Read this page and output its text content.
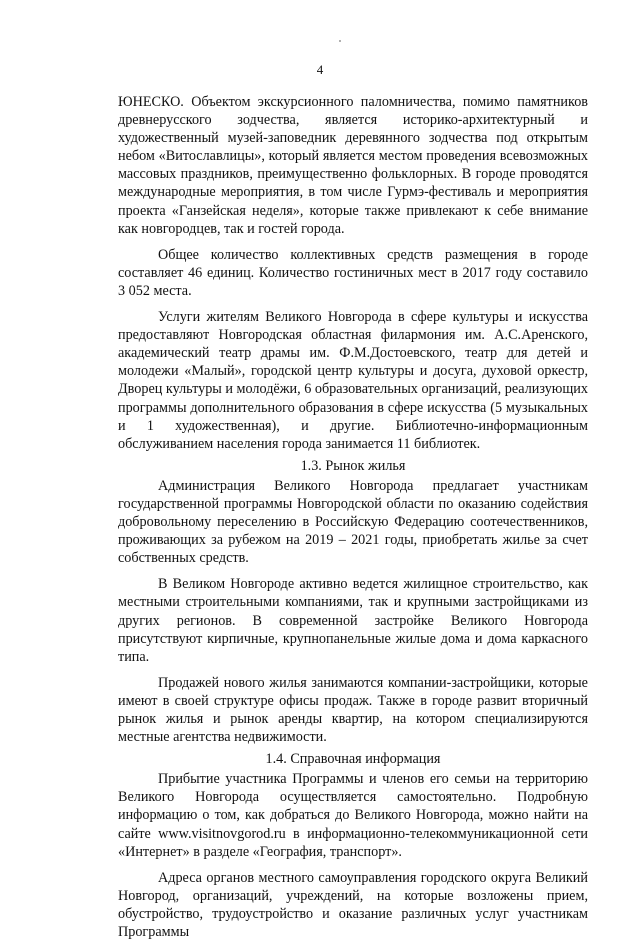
4

ЮНЕСКО. Объектом экскурсионного паломничества, помимо памятников древнерусского зодчества, является историко-архитектурный и художественный музей-заповедник деревянного зодчества под открытым небом «Витославлицы», который является местом проведения всевозможных массовых праздников, преимущественно фольклорных. В городе проводятся международные мероприятия, в том числе Гурмэ-фестиваль и мероприятия проекта «Ганзейская неделя», которые также привлекают к себе внимание как новгородцев, так и гостей города.

Общее количество коллективных средств размещения в городе составляет 46 единиц. Количество гостиничных мест в 2017 году составило 3 052 места.

Услуги жителям Великого Новгорода в сфере культуры и искусства предоставляют Новгородская областная филармония им. А.С.Аренского, академический театр драмы им. Ф.М.Достоевского, театр для детей и молодежи «Малый», городской центр культуры и досуга, духовой оркестр, Дворец культуры и молодёжи, 6 образовательных организаций, реализующих программы дополнительного образования в сфере искусства (5 музыкальных и 1 художественная), и другие. Библиотечно-информационным обслуживанием населения города занимается 11 библиотек.

1.3. Рынок жилья

Администрация Великого Новгорода предлагает участникам государственной программы Новгородской области по оказанию содействия добровольному переселению в Российскую Федерацию соотечественников, проживающих за рубежом на 2019 – 2021 годы, приобретать жилье за счет собственных средств.

В Великом Новгороде активно ведется жилищное строительство, как местными строительными компаниями, так и крупными застройщиками из других регионов. В современной застройке Великого Новгорода присутствуют кирпичные, крупнопанельные жилые дома и дома каркасного типа.

Продажей нового жилья занимаются компании-застройщики, которые имеют в своей структуре офисы продаж. Также в городе развит вторичный рынок жилья и рынок аренды квартир, на котором специализируются местные агентства недвижимости.

1.4. Справочная информация

Прибытие участника Программы и членов его семьи на территорию Великого Новгорода осуществляется самостоятельно. Подробную информацию о том, как добраться до Великого Новгорода, можно найти на сайте www.visitnovgorod.ru в информационно-телекоммуникационной сети «Интернет» в разделе «География, транспорт».

Адреса органов местного самоуправления городского округа Великий Новгород, организаций, учреждений, на которые возложены прием, обустройство, трудоустройство и оказание различных услуг участникам Программы
